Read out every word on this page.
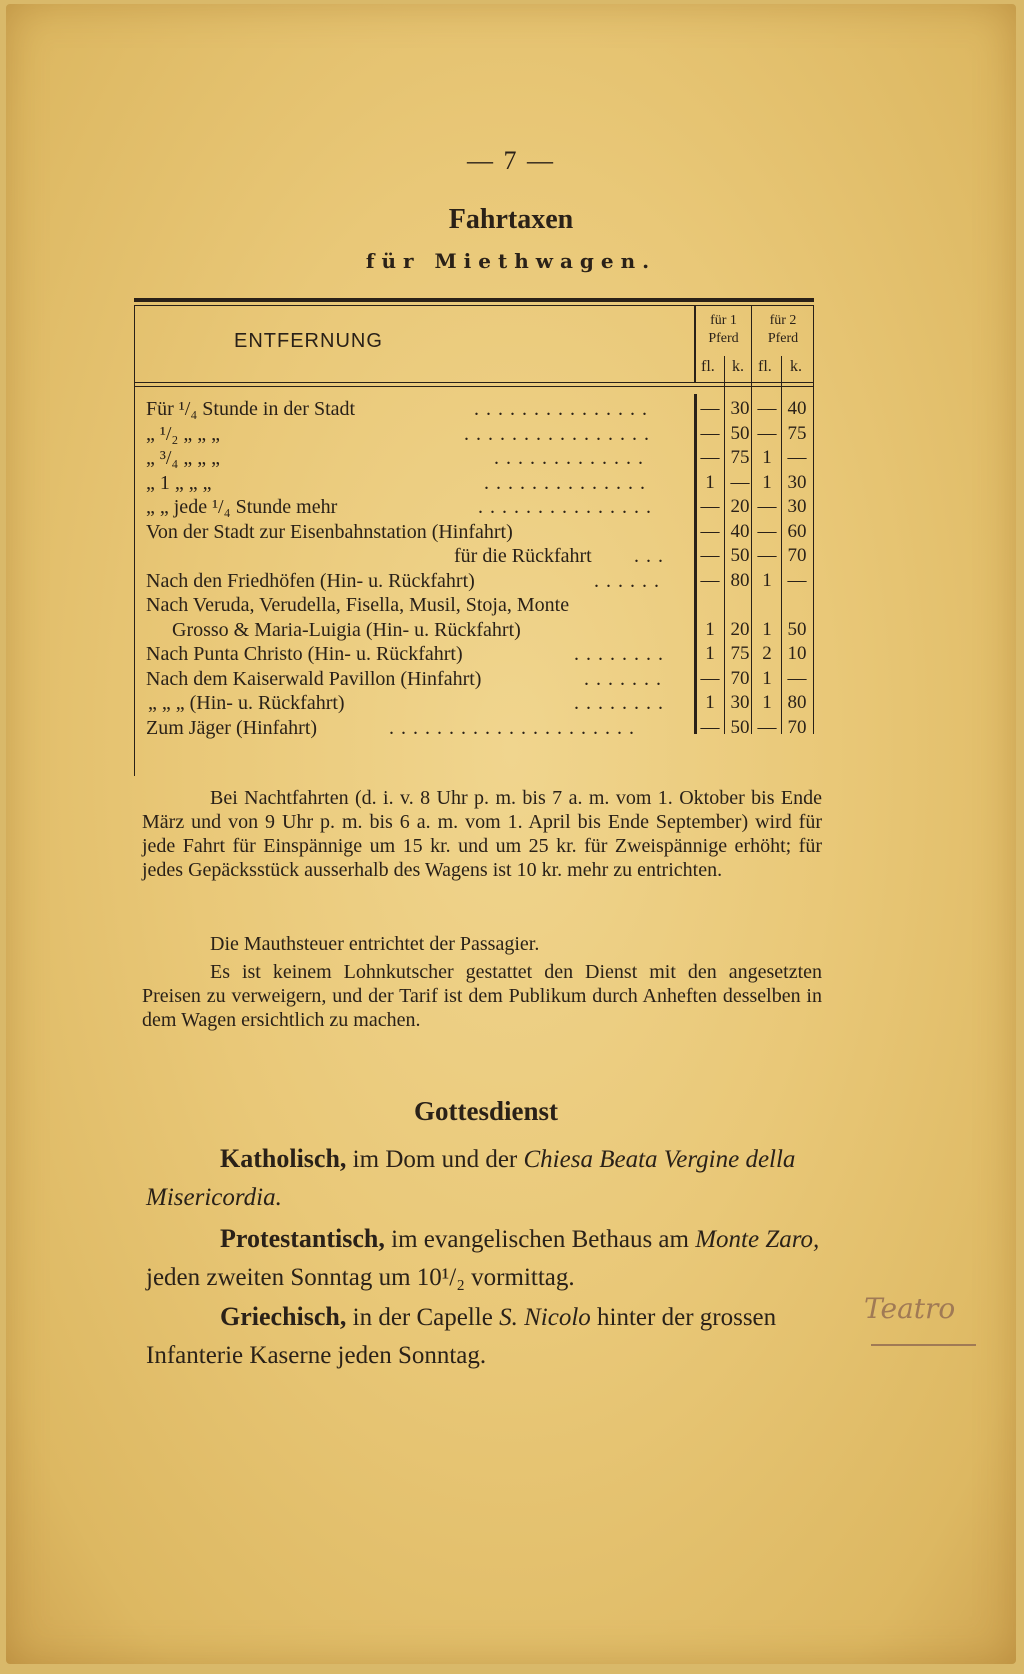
— 7 —
Fahrtaxen
für Miethwagen.
ENTFERNUNG
für 1
Pferd
für 2
Pferd
fl. k. fl. k.
Für ¹/₄ Stunde in der Stadt	............... — 30 — 40
„ ¹/₂ „ „ „	................ — 50 — 75
„ ³/₄ „ „ „	.............	— 75 1 —
„ 1 „ „ „	..............	1 — 1 30
„ „ jede ¹/₄ Stunde mehr	............... — 20 — 30
Von der Stadt zur Eisenbahnstation (Hinfahrt)	— 40 — 60
für die Rückfahrt ... — 50 — 70
Nach den Friedhöfen (Hin- u. Rückfahrt)	...... — 80 1 —
Nach Veruda, Verudella, Fisella, Musil, Stoja, Monte
Grosso & Maria-Luigia (Hin- u. Rückfahrt)	1 20 1 50
Nach Punta Christo (Hin- u. Rückfahrt)	........	1 75 2 10
Nach dem Kaiserwald Pavillon (Hinfahrt)	....... — 70 1 —
„ „ „ (Hin- u. Rückfahrt)	........	1 30 1 80
Zum Jäger (Hinfahrt)	.....................	— 50 — 70
Bei Nachtfahrten (d. i. v. 8 Uhr p. m. bis 7 a. m. vom 1. Oktober bis Ende März und von 9 Uhr p. m. bis 6 a. m. vom 1. April bis Ende September) wird für jede Fahrt für Einspännige um 15 kr. und um 25 kr. für Zweispännige erhöht; für jedes Gepäcksstück ausserhalb des Wagens ist 10 kr. mehr zu entrichten.
Die Mauthsteuer entrichtet der Passagier.
Es ist keinem Lohnkutscher gestattet den Dienst mit den angesetzten Preisen zu verweigern, und der Tarif ist dem Publikum durch Anheften desselben in dem Wagen ersichtlich zu machen.
Gottesdienst
Katholisch, im Dom und der Chiesa Beata Vergine della Misericordia.
Protestantisch, im evangelischen Bethaus am Monte Zaro, jeden zweiten Sonntag um 10¹/₂ vormittag.
Griechisch, in der Capelle S. Nicolo hinter der grossen Infanterie Kaserne jeden Sonntag.
Teatro
